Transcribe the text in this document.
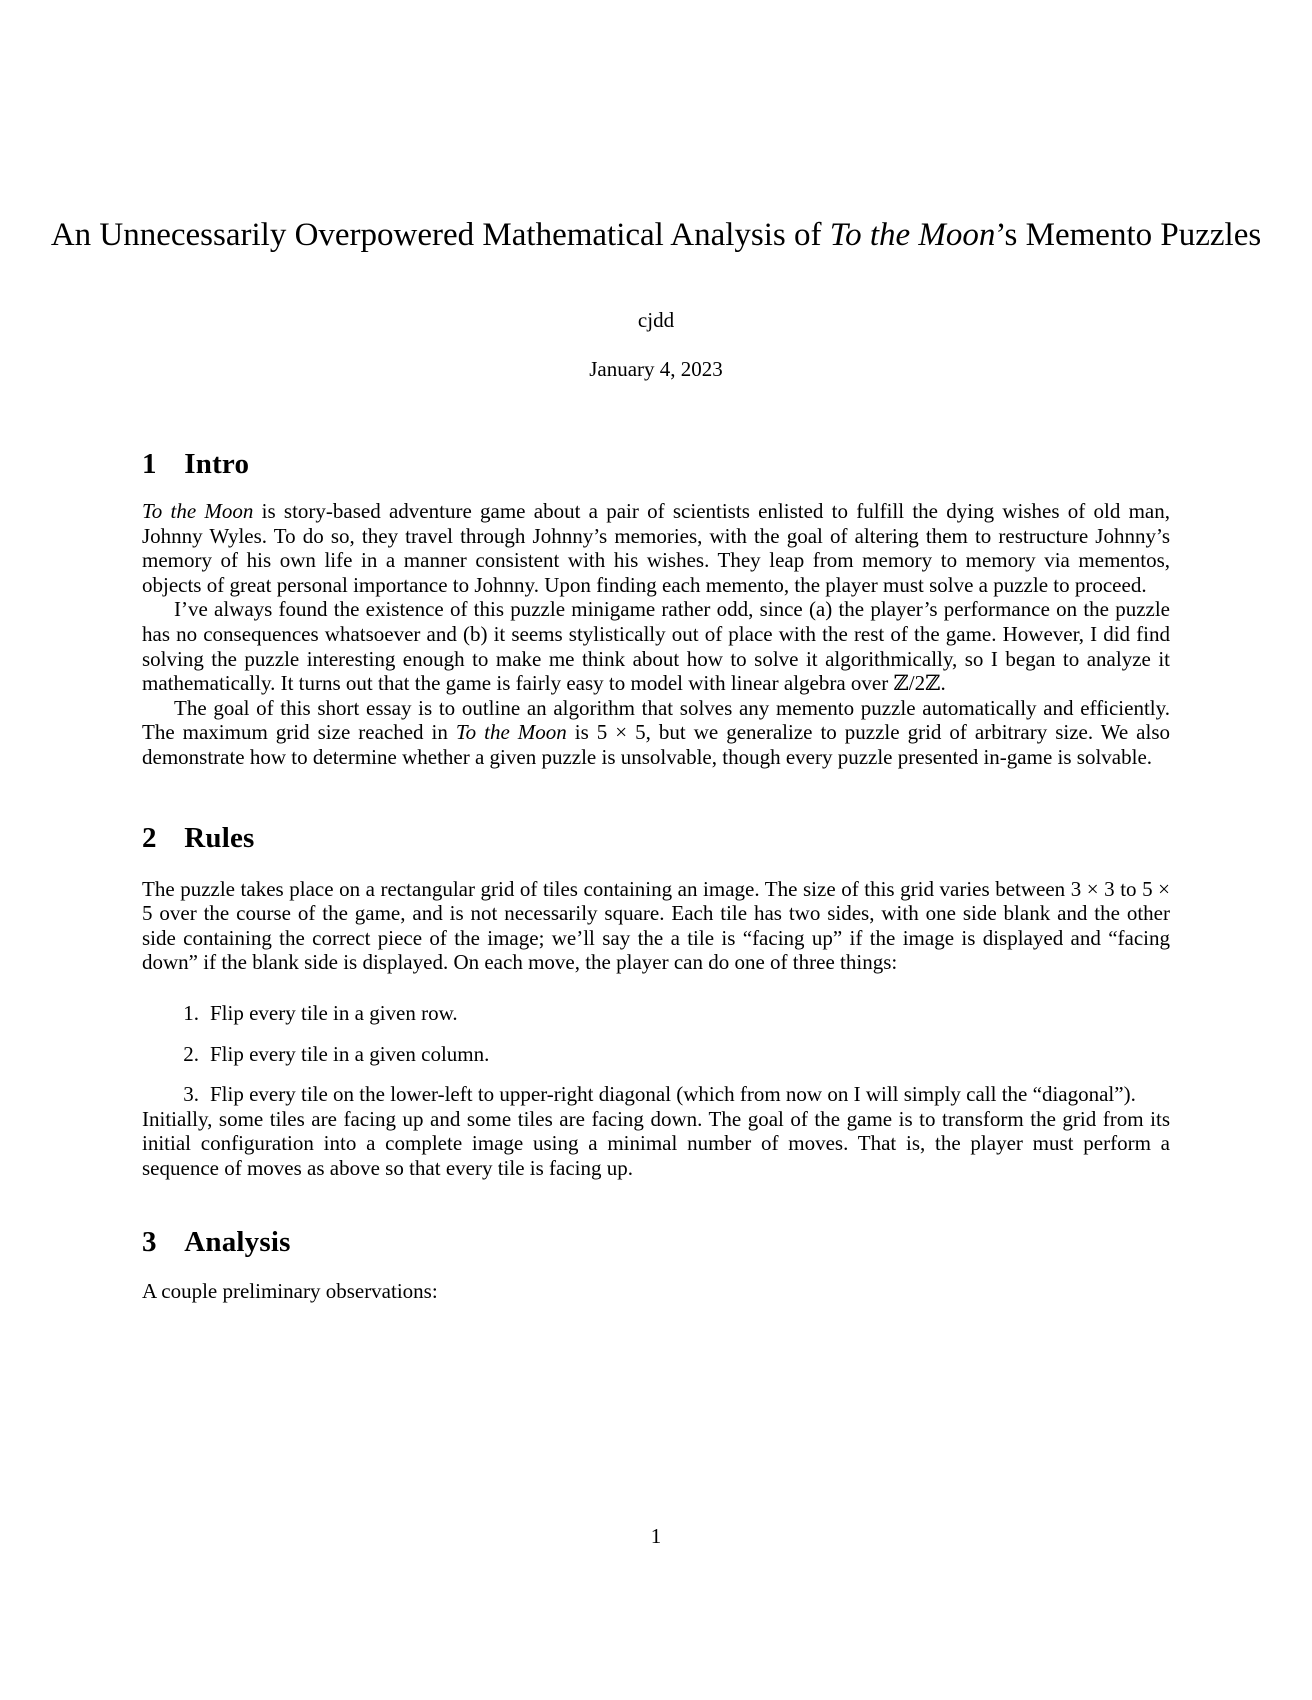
An Unnecessarily Overpowered Mathematical Analysis of To the Moon’s Memento Puzzles
cjdd
January 4, 2023
1 Intro

To the Moon is story-based adventure game about a pair of scientists enlisted to fulfill the dying wishes of old man, Johnny Wyles. To do so, they travel through Johnny’s memories, with the goal of altering them to restructure Johnny’s memory of his own life in a manner consistent with his wishes. They leap from memory to memory via mementos, objects of great personal importance to Johnny. Upon finding each memento, the player must solve a puzzle to proceed.

I’ve always found the existence of this puzzle minigame rather odd, since (a) the player’s performance on the puzzle has no consequences whatsoever and (b) it seems stylistically out of place with the rest of the game. However, I did find solving the puzzle interesting enough to make me think about how to solve it algorithmically, so I began to analyze it mathematically. It turns out that the game is fairly easy to model with linear algebra over ℤ/2ℤ.

The goal of this short essay is to outline an algorithm that solves any memento puzzle automatically and efficiently. The maximum grid size reached in To the Moon is 5 × 5, but we generalize to puzzle grid of arbitrary size. We also demonstrate how to determine whether a given puzzle is unsolvable, though every puzzle presented in-game is solvable.

2 Rules

The puzzle takes place on a rectangular grid of tiles containing an image. The size of this grid varies between 3 × 3 to 5 × 5 over the course of the game, and is not necessarily square. Each tile has two sides, with one side blank and the other side containing the correct piece of the image; we’ll say the a tile is “facing up” if the image is displayed and “facing down” if the blank side is displayed. On each move, the player can do one of three things:

1. Flip every tile in a given row.
2. Flip every tile in a given column.
3. Flip every tile on the lower-left to upper-right diagonal (which from now on I will simply call the “diagonal”).

Initially, some tiles are facing up and some tiles are facing down. The goal of the game is to transform the grid from its initial configuration into a complete image using a minimal number of moves. That is, the player must perform a sequence of moves as above so that every tile is facing up.

3 Analysis

A couple preliminary observations:

1
